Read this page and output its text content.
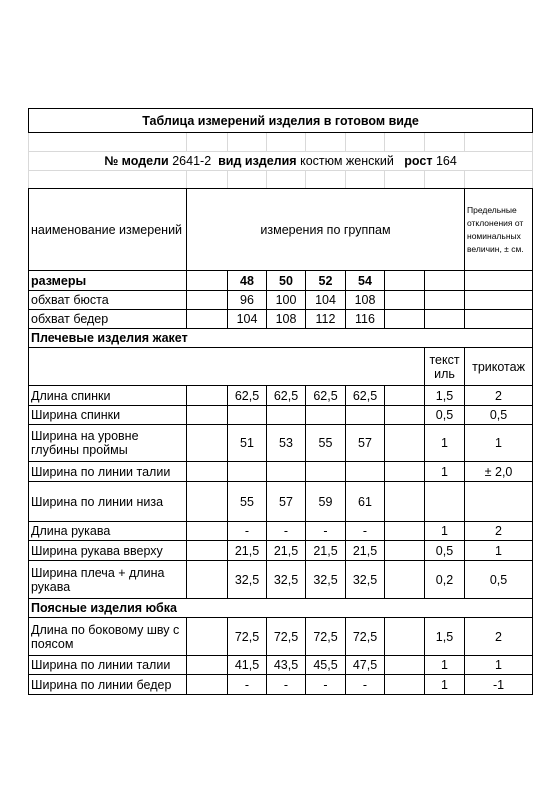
Таблица измерений изделия в готовом виде								

№ модели 2641-2 вид изделия костюм женский рост 164								

наименование измерений	измерения по группам							Предельные отклонения от номинальных величин, ± см.
размеры		48	50	52	54			
обхват бюста		96	100	104	108			
обхват бедер		104	108	112	116			
Плечевые изделия жакет								
							текстиль	трикотаж
Длина спинки		62,5	62,5	62,5	62,5		1,5	2
Ширина спинки							0,5	0,5
Ширина на уровне глубины проймы		51	53	55	57		1	1
Ширина по линии талии							1	± 2,0
Ширина по линии низа		55	57	59	61			
Длина рукава		-	-	-	-		1	2
Ширина рукава вверху		21,5	21,5	21,5	21,5		0,5	1
Ширина плеча + длина рукава		32,5	32,5	32,5	32,5		0,2	0,5
Поясные изделия юбка								
Длина по боковому шву с поясом		72,5	72,5	72,5	72,5		1,5	2
Ширина по линии талии		41,5	43,5	45,5	47,5		1	1
Ширина по линии бедер		-	-	-	-		1	-1
